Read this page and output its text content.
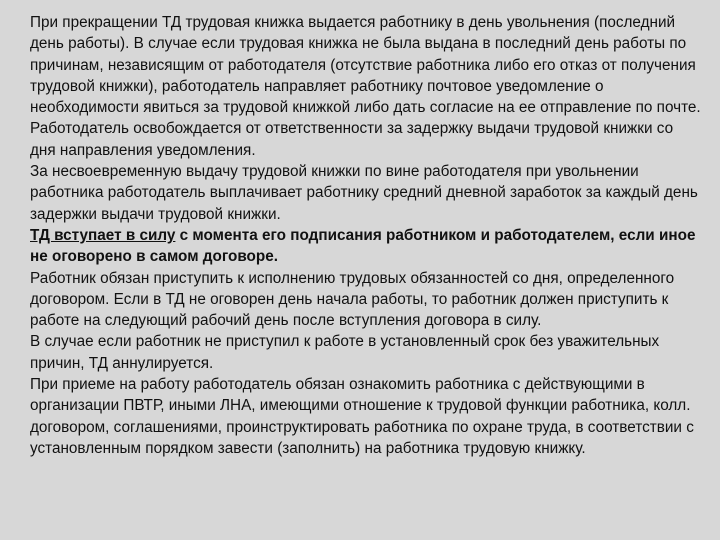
При прекращении ТД трудовая книжка выдается работнику в день увольнения (последний день работы). В случае если трудовая книжка не была выдана в последний день работы по причинам, независящим от работодателя (отсутствие работника либо его отказ от получения трудовой книжки), работодатель направляет работнику почтовое уведомление о необходимости явиться за трудовой книжкой либо дать согласие на ее отправление по почте. Работодатель освобождается от ответственности за задержку выдачи трудовой книжки со дня направления уведомления.

За несвоевременную выдачу трудовой книжки по вине работодателя при увольнении работника работодатель выплачивает работнику средний дневной заработок за каждый день задержки выдачи трудовой книжки.

ТД вступает в силу с момента его подписания работником и работодателем, если иное не оговорено в самом договоре.

Работник обязан приступить к исполнению трудовых обязанностей со дня, определенного договором. Если в ТД не оговорен день начала работы, то работник должен приступить к работе на следующий рабочий день после вступления договора в силу.

В случае если работник не приступил к работе в установленный срок без уважительных причин, ТД аннулируется.

При приеме на работу работодатель обязан ознакомить работника с действующими в организации ПВТР, иными ЛНА, имеющими отношение к трудовой функции работника, колл. договором, соглашениями, проинструктировать работника по охране труда, в соответствии с установленным порядком завести (заполнить) на работника трудовую книжку.
